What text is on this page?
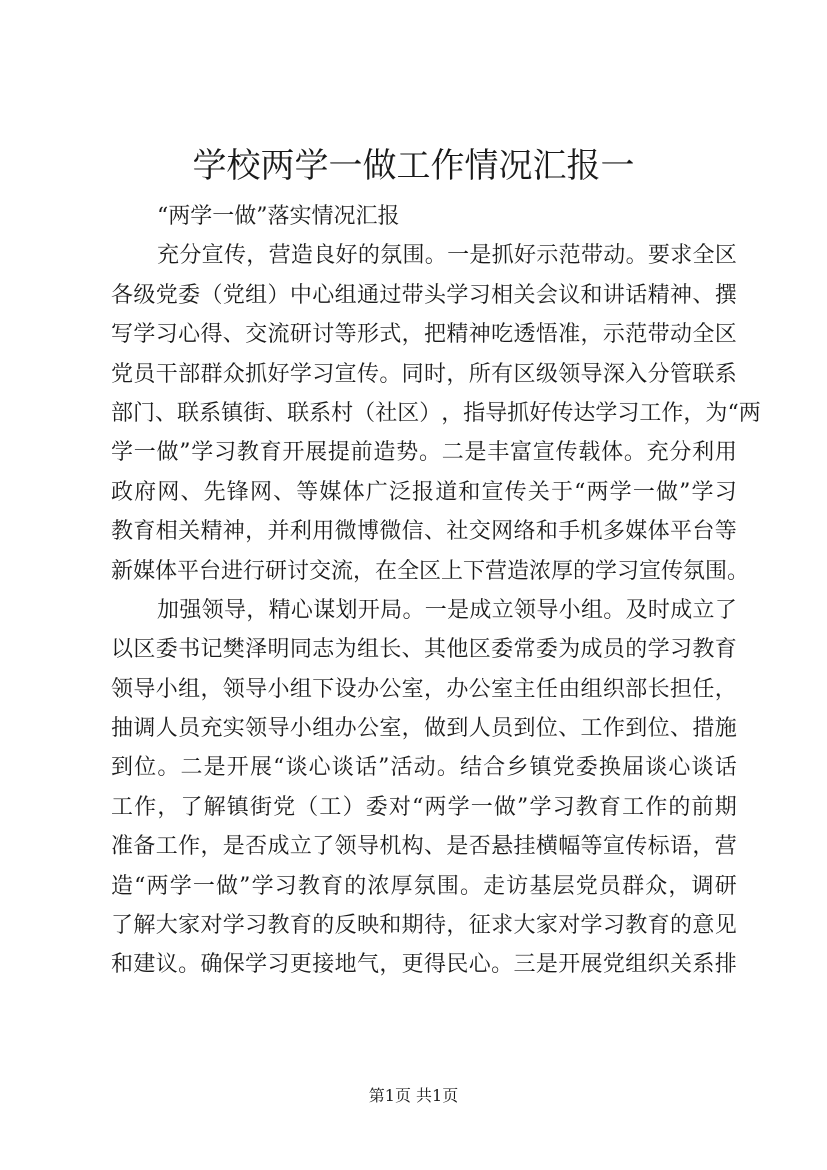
学校两学一做工作情况汇报一
“两学一做”落实情况汇报
充 分 宣 传 ， 营 造 良 好 的 氛 围 。 一 是 抓 好 示 范 带 动 。 要 求 全 区
各 级 党 委 （ 党 组 ） 中 心 组 通 过 带 头 学 习 相 关 会 议 和 讲 话 精 神 、 撰
写 学 习 心 得 、 交 流 研 讨 等 形 式 ， 把 精 神 吃 透 悟 准 ， 示 范 带 动 全 区
党 员 干 部 群 众 抓 好 学 习 宣 传 。 同 时 ， 所 有 区 级 领 导 深 入 分 管 联 系
部 门 、 联 系 镇 街 、 联 系 村 （ 社 区 ） ， 指 导 抓 好 传 达 学 习 工 作 ， 为 “ 两
学 一 做 ” 学 习 教 育 开 展 提 前 造 势 。 二 是 丰 富 宣 传 载 体 。 充 分 利 用
政 府 网 、 先 锋 网 、 等 媒 体 广 泛 报 道 和 宣 传 关 于 “ 两 学 一 做 ” 学 习
教 育 相 关 精 神 ， 并 利 用 微 博 微 信 、 社 交 网 络 和 手 机 多 媒 体 平 台 等
新媒体平台进行研讨交流，在全区上下营造浓厚的学习宣传氛围。
加 强 领 导 ， 精 心 谋 划 开 局 。 一 是 成 立 领 导 小 组 。 及 时 成 立 了
以 区 委 书 记 樊 泽 明 同 志 为 组 长 、 其 他 区 委 常 委 为 成 员 的 学 习 教 育
领 导 小 组 ， 领 导 小 组 下 设 办 公 室 ， 办 公 室 主 任 由 组 织 部 长 担 任 ，
抽 调 人 员 充 实 领 导 小 组 办 公 室 ， 做 到 人 员 到 位 、 工 作 到 位 、 措 施
到 位 。 二 是 开 展 “ 谈 心 谈 话 ” 活 动 。 结 合 乡 镇 党 委 换 届 谈 心 谈 话
工 作 ， 了 解 镇 街 党 （ 工 ） 委 对 “ 两 学 一 做 ” 学 习 教 育 工 作 的 前 期
准 备 工 作 ， 是 否 成 立 了 领 导 机 构 、 是 否 悬 挂 横 幅 等 宣 传 标 语 ， 营
造 “ 两 学 一 做 ” 学 习 教 育 的 浓 厚 氛 围 。 走 访 基 层 党 员 群 众 ， 调 研
了 解 大 家 对 学 习 教 育 的 反 映 和 期 待 ， 征 求 大 家 对 学 习 教 育 的 意 见
和 建 议 。 确 保 学 习 更 接 地 气 ， 更 得 民 心 。 三 是 开 展 党 组 织 关 系 排
第1页 共1页
